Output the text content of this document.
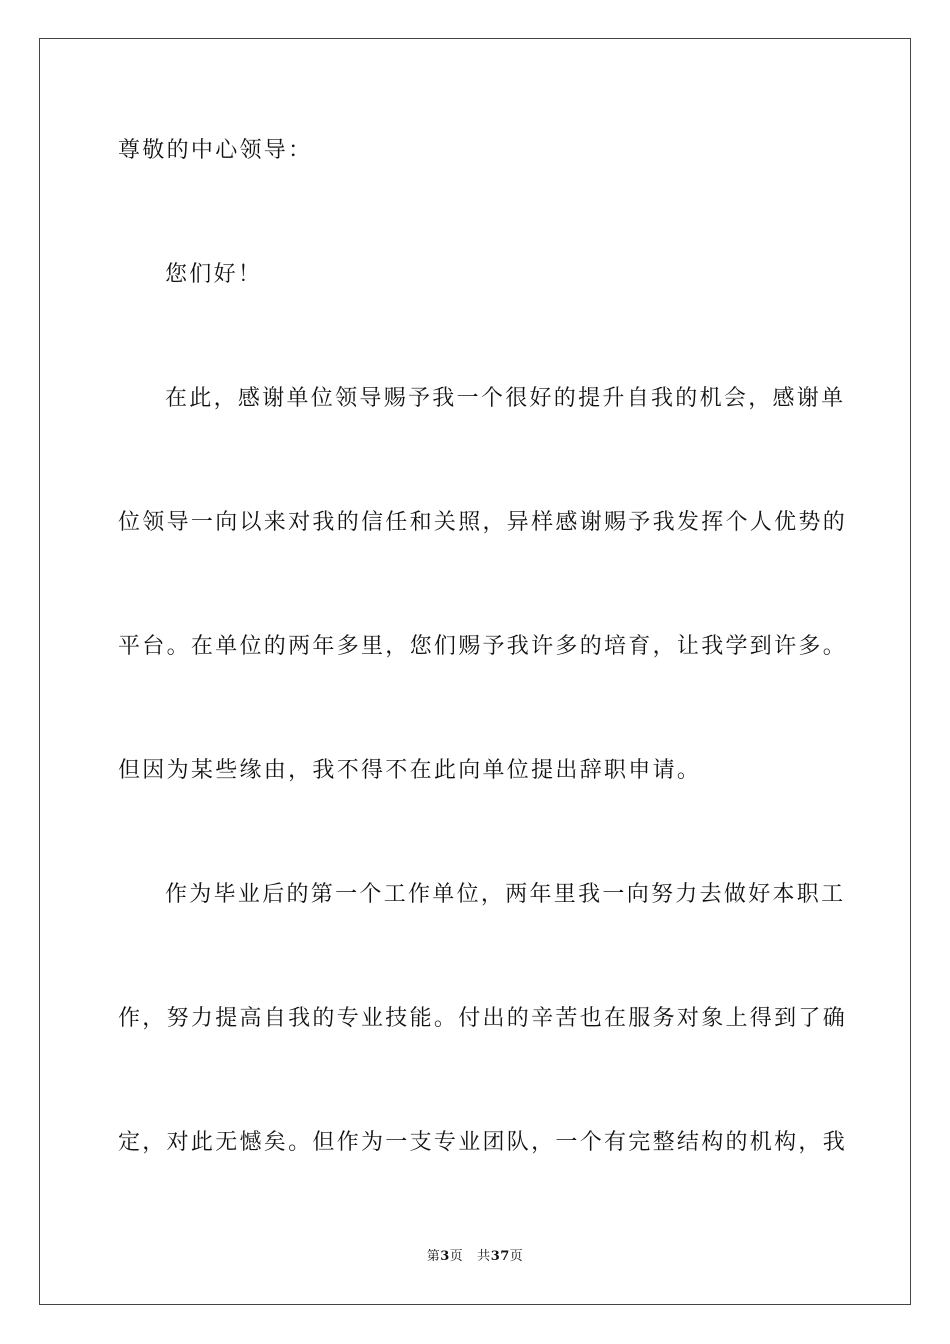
尊敬的中心领导：
您们好！
在此，感谢单位领导赐予我一个很好的提升自我的机会，感谢单
位领导一向以来对我的信任和关照，异样感谢赐予我发挥个人优势的
平台。在单位的两年多里，您们赐予我许多的培育，让我学到许多。
但因为某些缘由，我不得不在此向单位提出辞职申请。
作为毕业后的第一个工作单位，两年里我一向努力去做好本职工
作，努力提高自我的专业技能。付出的辛苦也在服务对象上得到了确
定，对此无憾矣。但作为一支专业团队，一个有完整结构的机构，我
第3页 共37页
